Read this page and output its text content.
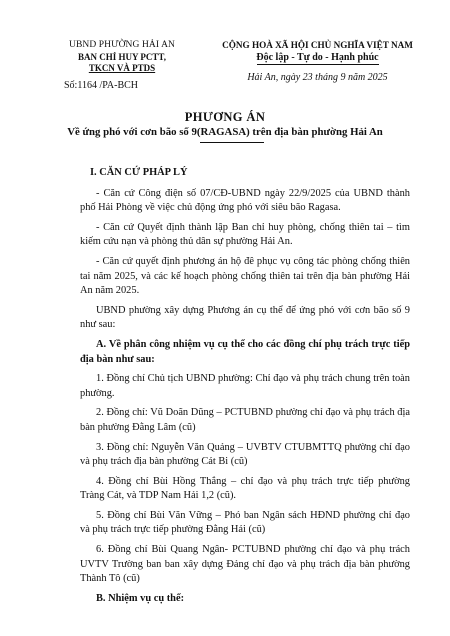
UBND PHƯỜNG HẢI AN
BAN CHỈ HUY PCTT,
TKCN VÀ PTDS
Số:1164 /PA-BCH
CỘNG HOÀ XÃ HỘI CHỦ NGHĨA VIỆT NAM
Độc lập - Tự do - Hạnh phúc
Hải An, ngày 23 tháng 9 năm 2025
PHƯƠNG ÁN
Về ứng phó với cơn bão số 9(RAGASA) trên địa bàn phường Hải An
I. CĂN CỨ PHÁP LÝ
- Căn cứ Công điện số 07/CĐ-UBND ngày 22/9/2025 của UBND thành phố Hải Phòng về việc chủ động ứng phó với siêu bão Ragasa.
- Căn cứ Quyết định thành lập Ban chỉ huy phòng, chống thiên tai – tìm kiếm cứu nạn và phòng thủ dân sự phường Hải An.
- Căn cứ quyết định phương án hộ đê phục vụ công tác phòng chống thiên tai năm 2025, và các kế hoạch phòng chống thiên tai trên địa bàn phường Hải An năm 2025.
UBND phường xây dựng Phương án cụ thể để ứng phó với cơn bão số 9 như sau:
A. Về phân công nhiệm vụ cụ thể cho các đồng chí phụ trách trực tiếp địa bàn như sau:
1. Đồng chí Chủ tịch UBND phường: Chỉ đạo và phụ trách chung trên toàn phường.
2. Đồng chí: Vũ Doãn Dũng – PCTUBND phường chỉ đạo và phụ trách địa bàn phường Đằng Lâm (cũ)
3. Đồng chí: Nguyễn Văn Quảng – UVBTV CTUBMTTQ phường chỉ đạo và phụ trách địa bàn phường Cát Bi (cũ)
4. Đồng chí Bùi Hồng Thắng – chỉ đạo và phụ trách trực tiếp phường Tràng Cát, và TDP Nam Hải 1,2 (cũ).
5. Đồng chí Bùi Văn Vững – Phó ban Ngân sách HĐND phường chỉ đạo và phụ trách trực tiếp phường Đằng Hải (cũ)
6. Đồng chí Bùi Quang Ngân- PCTUBND phường chỉ đạo và phụ trách UVTV Trường ban ban xây dựng Đảng chỉ đạo và phụ trách địa bàn phường Thành Tô (cũ)
B. Nhiệm vụ cụ thể:
